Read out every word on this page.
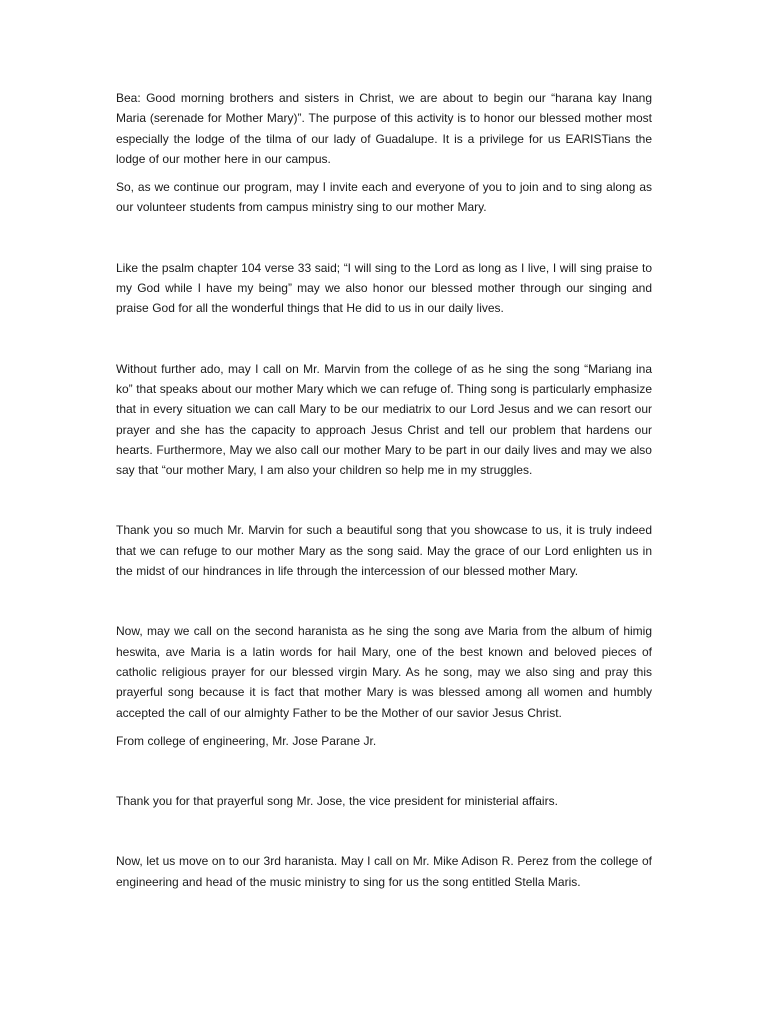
Bea: Good morning brothers and sisters in Christ, we are about to begin our “harana kay Inang Maria (serenade for Mother Mary)”. The purpose of this activity is to honor our blessed mother most especially the lodge of the tilma of our lady of Guadalupe. It is a privilege for us EARISTians the lodge of our mother here in our campus.

So, as we continue our program, may I invite each and everyone of you to join and to sing along as our volunteer students from campus ministry sing to our mother Mary.

Like the psalm chapter 104 verse 33 said; “I will sing to the Lord as long as I live, I will sing praise to my God while I have my being” may we also honor our blessed mother through our singing and praise God for all the wonderful things that He did to us in our daily lives.

Without further ado, may I call on Mr. Marvin from the college of as he sing the song “Mariang ina ko” that speaks about our mother Mary which we can refuge of. Thing song is particularly emphasize that in every situation we can call Mary to be our mediatrix to our Lord Jesus and we can resort our prayer and she has the capacity to approach Jesus Christ and tell our problem that hardens our hearts. Furthermore, May we also call our mother Mary to be part in our daily lives and may we also say that “our mother Mary, I am also your children so help me in my struggles.

Thank you so much Mr. Marvin for such a beautiful song that you showcase to us, it is truly indeed that we can refuge to our mother Mary as the song said. May the grace of our Lord enlighten us in the midst of our hindrances in life through the intercession of our blessed mother Mary.

Now, may we call on the second haranista as he sing the song ave Maria from the album of himig heswita, ave Maria is a latin words for hail Mary, one of the best known and beloved pieces of catholic religious prayer for our blessed virgin Mary. As he song, may we also sing and pray this prayerful song because it is fact that mother Mary is was blessed among all women and humbly accepted the call of our almighty Father to be the Mother of our savior Jesus Christ.

From college of engineering, Mr. Jose Parane Jr.

Thank you for that prayerful song Mr. Jose, the vice president for ministerial affairs.

Now, let us move on to our 3rd haranista. May I call on Mr. Mike Adison R. Perez from the college of engineering and head of the music ministry to sing for us the song entitled Stella Maris.
